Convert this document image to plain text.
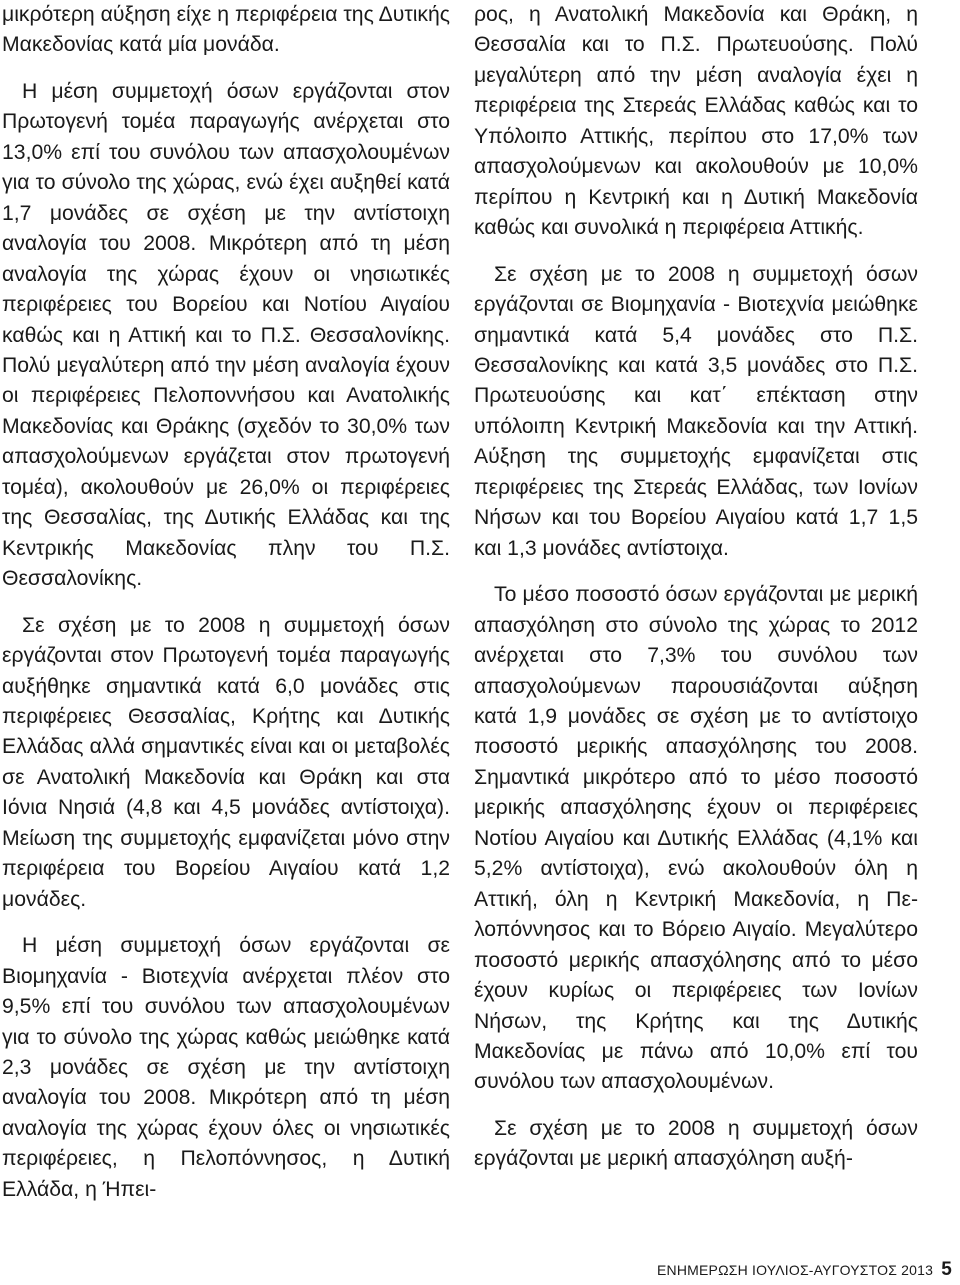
μικρότερη αύξηση είχε η περιφέρεια της Δυτικής Μακεδονίας κατά μία μονάδα.

Η μέση συμμετοχή όσων εργάζονται στον Πρωτογενή τομέα παραγωγής ανέρχεται στο 13,0% επί του συνόλου των απασχολουμένων για το σύνολο της χώρας, ενώ έχει αυξηθεί κατά 1,7 μονάδες σε σχέση με την αντίστοιχη αναλογία του 2008. Μικρότερη από τη μέση αναλογία της χώρας έχουν οι νησιωτικές περιφέρειες του Βορείου και Νοτίου Αιγαίου καθώς και η Αττική και το Π.Σ. Θεσσαλονίκης. Πολύ μεγαλύτερη από την μέση αναλογία έχουν οι περιφέρειες Πελοποννήσου και Ανατολικής Μακεδονίας και Θράκης (σχεδόν το 30,0% των απασχολούμενων εργάζεται στον πρωτογενή τομέα), ακολουθούν με 26,0% οι περιφέρειες της Θεσσαλίας, της Δυτικής Ελλάδας και της Κεντρικής Μακεδονίας πλην του Π.Σ. Θεσσαλονίκης.

Σε σχέση με το 2008 η συμμετοχή όσων εργάζονται στον Πρωτογενή τομέα παραγωγής αυξήθηκε σημαντικά κατά 6,0 μονάδες στις περιφέρειες Θεσσαλίας, Κρήτης και Δυτικής Ελλάδας αλλά σημαντικές είναι και οι μεταβολές σε Ανατολική Μακεδονία και Θράκη και στα Ιόνια Νησιά (4,8 και 4,5 μονάδες αντίστοιχα). Μείωση της συμμετοχής εμφανίζεται μόνο στην περιφέρεια του Βορείου Αιγαίου κατά 1,2 μονάδες.

Η μέση συμμετοχή όσων εργάζονται σε Βιομηχανία - Βιοτεχνία ανέρχεται πλέον στο 9,5% επί του συνόλου των απασχολουμένων για το σύνολο της χώρας καθώς μειώθηκε κατά 2,3 μονάδες σε σχέση με την αντίστοιχη αναλογία του 2008. Μικρότερη από τη μέση αναλογία της χώρας έχουν όλες οι νησιωτικές περιφέρειες, η Πελοπόννησος, η Δυτική Ελλάδα, η Ήπει-

ρος, η Ανατολική Μακεδονία και Θράκη, η Θεσσαλία και το Π.Σ. Πρωτευούσης. Πολύ μεγαλύτερη από την μέση αναλογία έχει η περιφέρεια της Στερεάς Ελλάδας καθώς και το Υπόλοιπο Αττικής, περίπου στο 17,0% των απασχολούμενων και ακολουθούν με 10,0% περίπου η Κεντρική και η Δυτική Μακεδονία καθώς και συνολικά η περιφέρεια Αττικής.

Σε σχέση με το 2008 η συμμετοχή όσων εργάζονται σε Βιομηχανία - Βιοτεχνία μειώθηκε σημαντικά κατά 5,4 μονάδες στο Π.Σ. Θεσσαλονίκης και κατά 3,5 μονάδες στο Π.Σ. Πρωτευούσης και κατ΄ επέκταση στην υπόλοιπη Κεντρική Μακεδονία και την Αττική. Αύξηση της συμμετοχής εμφανίζεται στις περιφέρειες της Στερεάς Ελλάδας, των Ιονίων Νήσων και του Βορείου Αιγαίου κατά 1,7 1,5 και 1,3 μονάδες αντίστοιχα.

Το μέσο ποσοστό όσων εργάζονται με μερική απασχόληση στο σύνολο της χώρας το 2012 ανέρχεται στο 7,3% του συνόλου των απασχολούμενων παρουσιάζονται αύξηση κατά 1,9 μονάδες σε σχέση με το αντίστοιχο ποσοστό μερικής απασχόλησης του 2008. Σημαντικά μικρότερο από το μέσο ποσοστό μερικής απασχόλησης έχουν οι περιφέρειες Νοτίου Αιγαίου και Δυτικής Ελλάδας (4,1% και 5,2% αντίστοιχα), ενώ ακολουθούν όλη η Αττική, όλη η Κεντρική Μακεδονία, η Πελοπόννησος και το Βόρειο Αιγαίο. Μεγαλύτερο ποσοστό μερικής απασχόλησης από το μέσο έχουν κυρίως οι περιφέρειες των Ιονίων Νήσων, της Κρήτης και της Δυτικής Μακεδονίας με πάνω από 10,0% επί του συνόλου των απασχολουμένων.

Σε σχέση με το 2008 η συμμετοχή όσων εργάζονται με μερική απασχόληση αυξή-

ΕΝΗΜΕΡΩΣΗ ΙΟΥΛΙΟΣ-ΑΥΓΟΥΣΤΟΣ 2013 5
